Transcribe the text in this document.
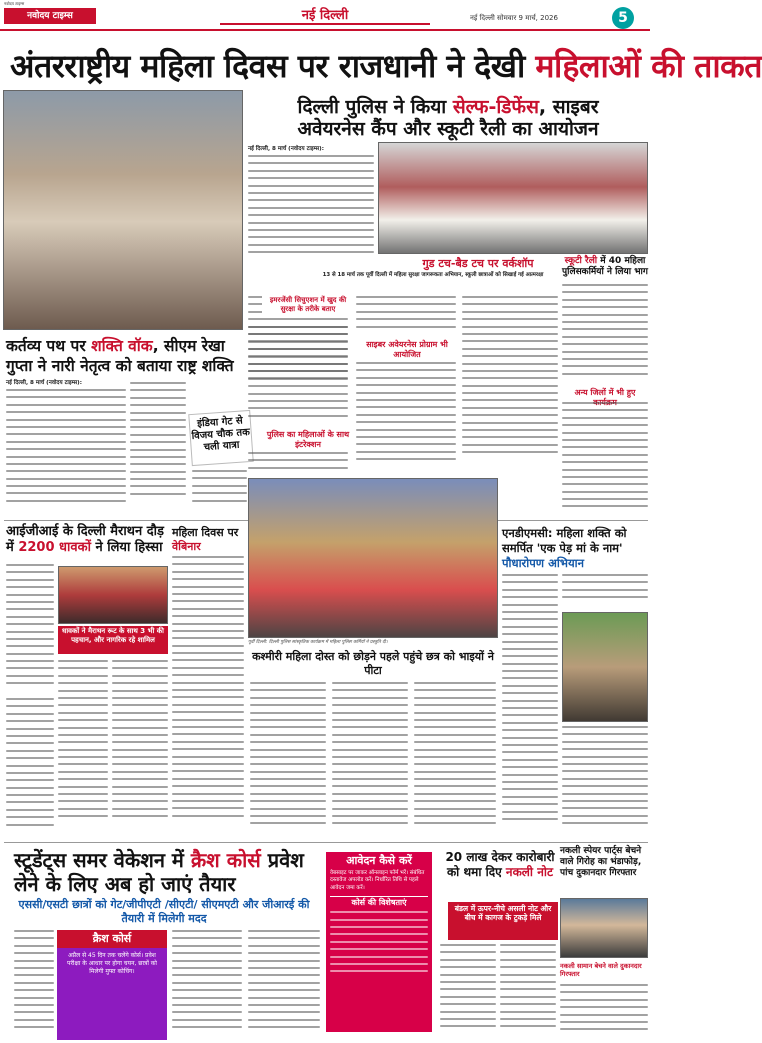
नवोदय टाइम्स
नवोदय टाइम्स	नई दिल्ली	नई दिल्ली सोमवार 9 मार्च, 2026	5
अंतरराष्ट्रीय महिला दिवस पर राजधानी ने देखी महिलाओं की ताकत
दिल्ली पुलिस ने किया सेल्फ-डिफेंस, साइबर
अवेयरनेस कैंप और स्कूटी रैली का आयोजन
नई दिल्ली, 8 मार्च (नवोदय टाइम्स):
गुड टच-बैड टच पर वर्कशॉप
13 से 18 मार्च तक पूर्वी दिल्ली में महिला सुरक्षा जागरूकता अभियान, स्कूली छात्राओं को सिखाई गई आत्मरक्षा
स्कूटी रैली में 40 महिला पुलिसकर्मियों ने लिया भाग
कर्तव्य पथ पर शक्ति वॉक, सीएम रेखा गुप्ता ने नारी नेतृत्व को बताया राष्ट्र शक्ति
नई दिल्ली, 8 मार्च (नवोदय टाइम्स):
इंडिया गेट से विजय चौक तक चली यात्रा
इमरजेंसी सिचुएशन में खुद की सुरक्षा के तरीके बताए
पुलिस का महिलाओं के साथ इंटरेक्शन
साइबर अवेयरनेस प्रोग्राम भी आयोजित
अन्य जिलों में भी हुए
आईजीआई के दिल्ली मैराथन दौड़ में 2200 धावकों ने लिया हिस्सा
धावकों ने मैराथन रूट के साथ 3 भी की पहचान, और नागरिक रहे शामिल
महिला दिवस पर वेबिनार
पूर्वी दिल्ली: दिल्ली पुलिस सांस्कृतिक कार्यक्रम में महिला पुलिस कर्मियों ने प्रस्तुति दी।
कश्मीरी महिला दोस्त को छोड़ने पहले पहुंचे छत्र को भाइयों ने पीटा
एनडीएमसी: महिला शक्ति को समर्पित 'एक पेड़ मां के नाम' पौधारोपण अभियान
स्टूडेंट्स समर वेकेशन में क्रैश कोर्स प्रवेश लेने के लिए अब हो जाएं तैयार
एससी/एसटी छात्रों को गेट/जीपीएटी /सीएटी/ सीएमएटी और जीआरई की तैयारी में मिलेगी मदद
क्रैश कोर्स
अप्रैल से 45 दिन तक चलेंगे कोर्स। प्रवेश परीक्षा के आधार पर होगा चयन, छात्रों को मिलेगी मुफ्त कोचिंग।
आवेदन कैसे करें
वेबसाइट पर जाकर ऑनलाइन फॉर्म भरें। संबंधित दस्तावेज अपलोड करें। निर्धारित तिथि से पहले आवेदन जमा करें।
कोर्स की विशेषताएं
20 लाख देकर कारोबारी को थमा दिए नकली नोट
बंडल में ऊपर-नीचे असली नोट और बीच में कागज के टुकड़े मिले
नकली स्पेयर पार्ट्स बेचने वाले गिरोह का भंडाफोड़, पांच दुकानदार गिरफ्तार
नकली सामान बेचने वाले दुकानदार गिरफ्तार
